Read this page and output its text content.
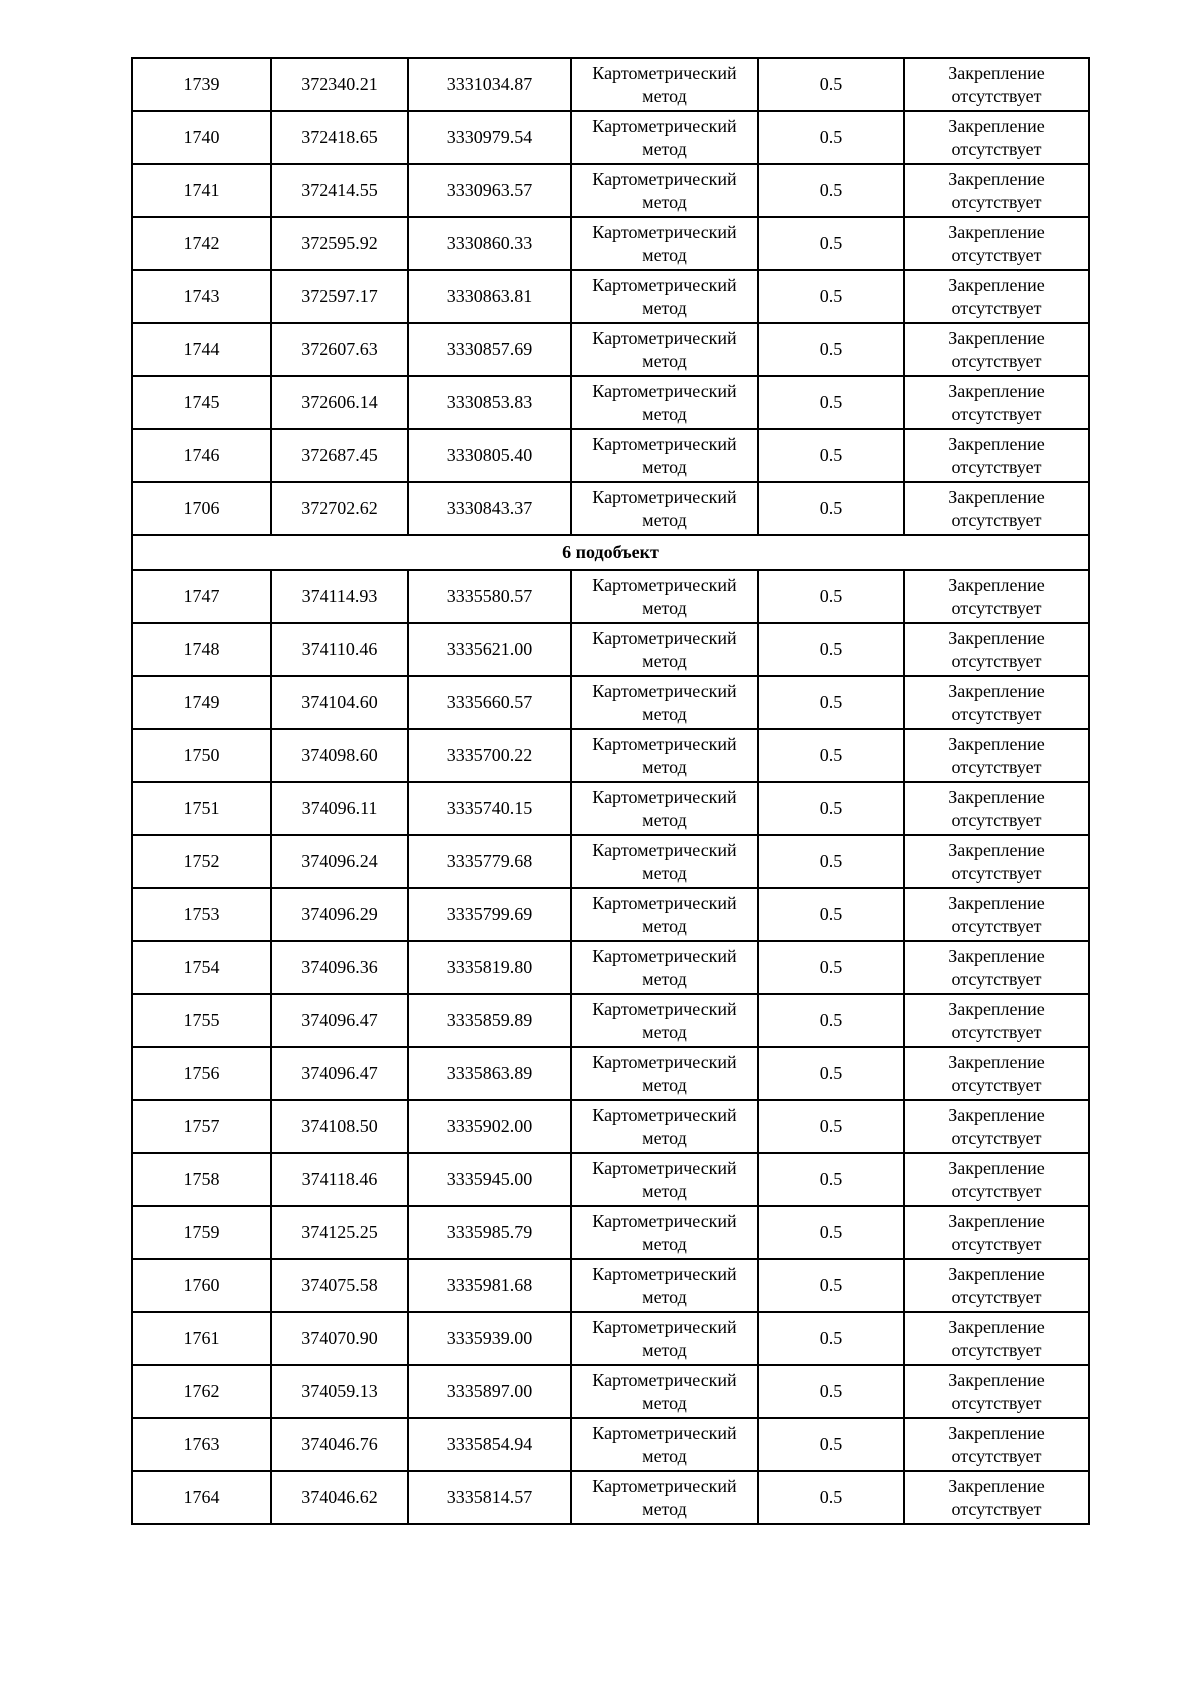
1739	372340.21	3331034.87	Картометрический метод	0.5	Закрепление отсутствует
1740	372418.65	3330979.54	Картометрический метод	0.5	Закрепление отсутствует
1741	372414.55	3330963.57	Картометрический метод	0.5	Закрепление отсутствует
1742	372595.92	3330860.33	Картометрический метод	0.5	Закрепление отсутствует
1743	372597.17	3330863.81	Картометрический метод	0.5	Закрепление отсутствует
1744	372607.63	3330857.69	Картометрический метод	0.5	Закрепление отсутствует
1745	372606.14	3330853.83	Картометрический метод	0.5	Закрепление отсутствует
1746	372687.45	3330805.40	Картометрический метод	0.5	Закрепление отсутствует
1706	372702.62	3330843.37	Картометрический метод	0.5	Закрепление отсутствует
6 подобъект					
1747	374114.93	3335580.57	Картометрический метод	0.5	Закрепление отсутствует
1748	374110.46	3335621.00	Картометрический метод	0.5	Закрепление отсутствует
1749	374104.60	3335660.57	Картометрический метод	0.5	Закрепление отсутствует
1750	374098.60	3335700.22	Картометрический метод	0.5	Закрепление отсутствует
1751	374096.11	3335740.15	Картометрический метод	0.5	Закрепление отсутствует
1752	374096.24	3335779.68	Картометрический метод	0.5	Закрепление отсутствует
1753	374096.29	3335799.69	Картометрический метод	0.5	Закрепление отсутствует
1754	374096.36	3335819.80	Картометрический метод	0.5	Закрепление отсутствует
1755	374096.47	3335859.89	Картометрический метод	0.5	Закрепление отсутствует
1756	374096.47	3335863.89	Картометрический метод	0.5	Закрепление отсутствует
1757	374108.50	3335902.00	Картометрический метод	0.5	Закрепление отсутствует
1758	374118.46	3335945.00	Картометрический метод	0.5	Закрепление отсутствует
1759	374125.25	3335985.79	Картометрический метод	0.5	Закрепление отсутствует
1760	374075.58	3335981.68	Картометрический метод	0.5	Закрепление отсутствует
1761	374070.90	3335939.00	Картометрический метод	0.5	Закрепление отсутствует
1762	374059.13	3335897.00	Картометрический метод	0.5	Закрепление отсутствует
1763	374046.76	3335854.94	Картометрический метод	0.5	Закрепление отсутствует
1764	374046.62	3335814.57	Картометрический метод	0.5	Закрепление отсутствует
